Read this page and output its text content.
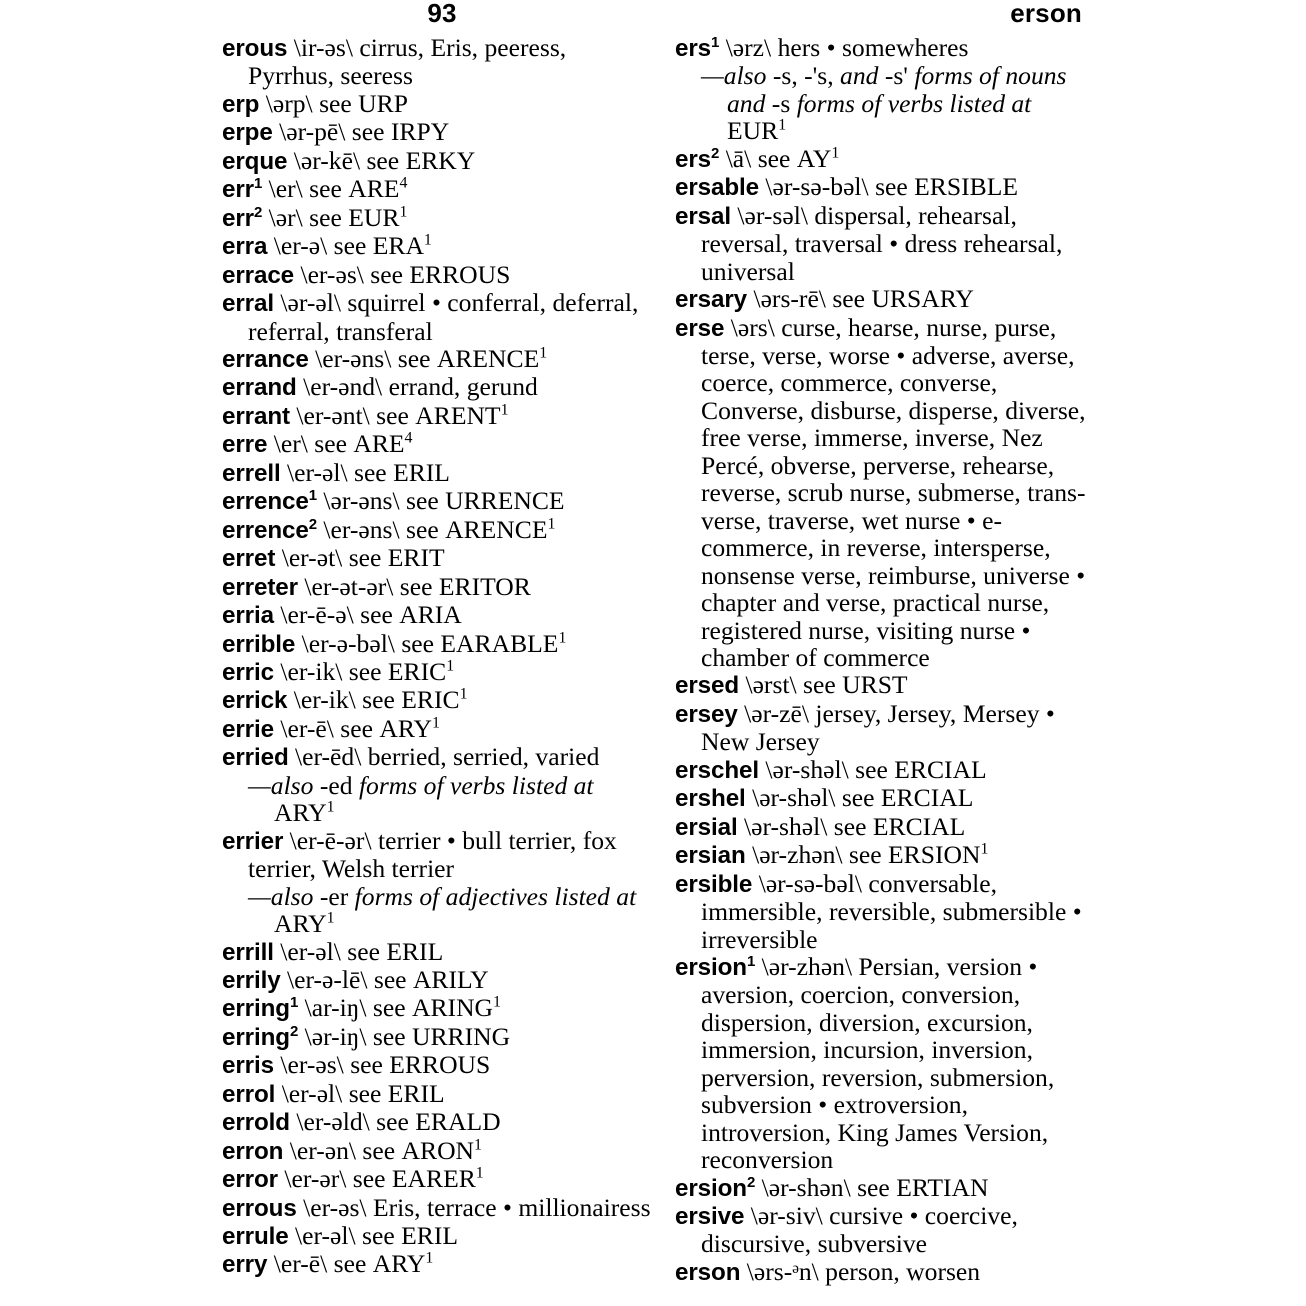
93	erson
erous \ir-əs\ cirrus, Eris, peeress, Pyrrhus, seeress
erp \ərp\ see URP
erpe \ər-pē\ see IRPY
erque \ər-kē\ see ERKY
err$^1$ \er\ see ARE$^4$
err$^2$ \ər\ see EUR$^1$
erra \er-ə\ see ERA$^1$
errace \er-əs\ see ERROUS
erral \ər-əl\ squirrel • conferral, deferral, referral, transferal
errance \er-əns\ see ARENCE$^1$
errand \er-ənd\ errand, gerund
errant \er-ənt\ see ARENT$^1$
erre \er\ see ARE$^4$
errell \er-əl\ see ERIL
errence$^1$ \ər-əns\ see URRENCE
errence$^2$ \er-əns\ see ARENCE$^1$
erret \er-ət\ see ERIT
erreter \er-ət-ər\ see ERITOR
erria \er-ē-ə\ see ARIA
errible \er-ə-bəl\ see EARABLE$^1$
erric \er-ik\ see ERIC$^1$
errick \er-ik\ see ERIC$^1$
errie \er-ē\ see ARY$^1$
erried \er-ēd\ berried, serried, varied
—also -ed forms of verbs listed at ARY$^1$
errier \er-ē-ər\ terrier • bull terrier, fox terrier, Welsh terrier
—also -er forms of adjectives listed at ARY$^1$
errill \er-əl\ see ERIL
errily \er-ə-lē\ see ARILY
erring$^1$ \ar-iŋ\ see ARING$^1$
erring$^2$ \ər-iŋ\ see URRING
erris \er-əs\ see ERROUS
errol \er-əl\ see ERIL
errold \er-əld\ see ERALD
erron \er-ən\ see ARON$^1$
error \er-ər\ see EARER$^1$
errous \er-əs\ Eris, terrace • millionairess
errule \er-əl\ see ERIL
erry \er-ē\ see ARY$^1$
ers$^1$ \ərz\ hers • somewheres
—also -s, -'s, and -s' forms of nouns and -s forms of verbs listed at EUR$^1$
ers$^2$ \ā\ see $AY^1$
ersable \ər-sə-bəl\ see ERSIBLE
ersal \ər-səl\ dispersal, rehearsal, reversal, traversal • dress rehearsal, universal
ersary \ərs-rē\ see URSARY
erse \ərs\ curse, hearse, nurse, purse, terse, verse, worse • adverse, averse, coerce, commerce, converse, Converse, disburse, disperse, diverse, free verse, immerse, inverse, Nez Percé, obverse, perverse, rehearse, reverse, scrub nurse, submerse, transverse, traverse, wet nurse • e-commerce, in reverse, intersperse, nonsense verse, reimburse, universe • chapter and verse, practical nurse, registered nurse, visiting nurse • chamber of commerce
ersed \ərst\ see URST
ersey \ər-zē\ jersey, Jersey, Mersey • New Jersey
erschel \ər-shəl\ see ERCIAL
ershel \ər-shəl\ see ERCIAL
ersial \ər-shəl\ see ERCIAL
ersian \ər-zhən\ see ERSION$^1$
ersible \ər-sə-bəl\ conversable, immersible, reversible, submersible • irreversible
ersion$^1$ \ər-zhən\ Persian, version • aversion, coercion, conversion, dispersion, diversion, excursion, immersion, incursion, inversion, perversion, reversion, submersion, subversion • extroversion, introversion, King James Version, reconversion
ersion$^2$ \ər-shən\ see ERTIAN
ersive \ər-siv\ cursive • coercive, discursive, subversive
erson \ərs-ᵊn\ person, worsen
